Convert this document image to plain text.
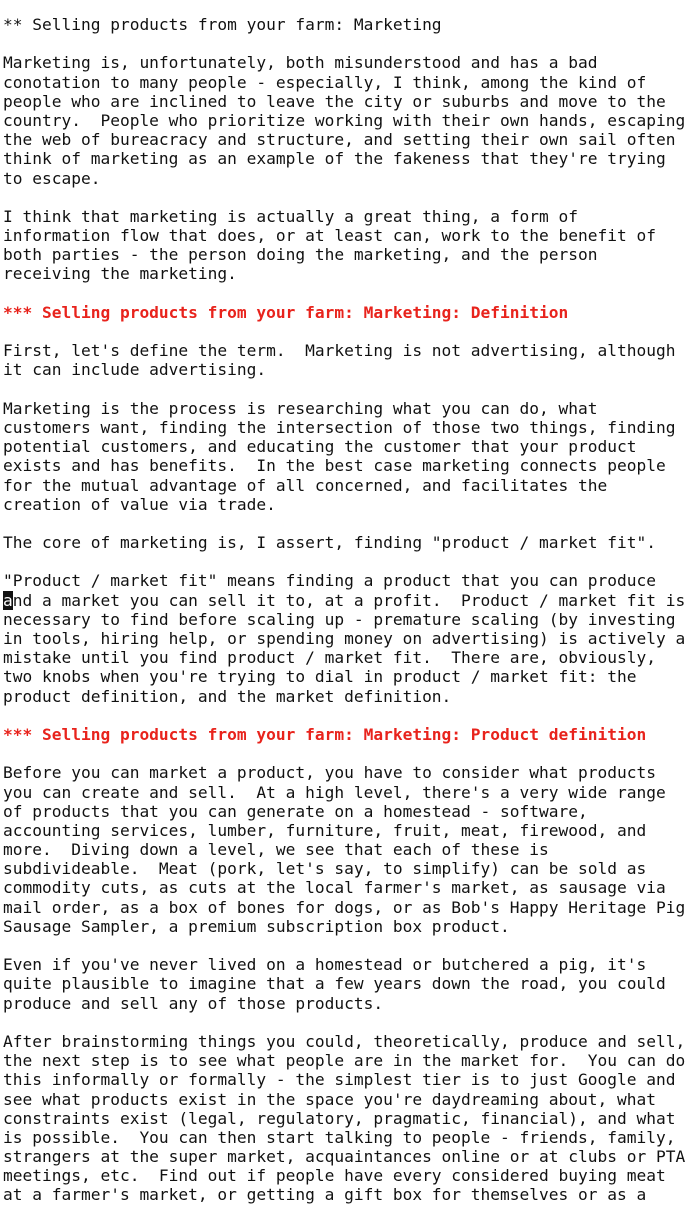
** Selling products from your farm: Marketing
Marketing is, unfortunately, both misunderstood and has a bad
conotation to many people - especially, I think, among the kind of
people who are inclined to leave the city or suburbs and move to the
country.  People who prioritize working with their own hands, escaping
the web of bureacracy and structure, and setting their own sail often
think of marketing as an example of the fakeness that they're trying
to escape.
I think that marketing is actually a great thing, a form of
information flow that does, or at least can, work to the benefit of
both parties - the person doing the marketing, and the person
receiving the marketing.
*** Selling products from your farm: Marketing: Definition
First, let's define the term.  Marketing is not advertising, although
it can include advertising.
Marketing is the process is researching what you can do, what
customers want, finding the intersection of those two things, finding
potential customers, and educating the customer that your product
exists and has benefits.  In the best case marketing connects people
for the mutual advantage of all concerned, and facilitates the
creation of value via trade.
The core of marketing is, I assert, finding "product / market fit".
"Product / market fit" means finding a product that you can produce
and a market you can sell it to, at a profit.  Product / market fit is
necessary to find before scaling up - premature scaling (by investing
in tools, hiring help, or spending money on advertising) is actively a
mistake until you find product / market fit.  There are, obviously,
two knobs when you're trying to dial in product / market fit: the
product definition, and the market definition.
*** Selling products from your farm: Marketing: Product definition
Before you can market a product, you have to consider what products
you can create and sell.  At a high level, there's a very wide range
of products that you can generate on a homestead - software,
accounting services, lumber, furniture, fruit, meat, firewood, and
more.  Diving down a level, we see that each of these is
subdivideable.  Meat (pork, let's say, to simplify) can be sold as
commodity cuts, as cuts at the local farmer's market, as sausage via
mail order, as a box of bones for dogs, or as Bob's Happy Heritage Pig
Sausage Sampler, a premium subscription box product.
Even if you've never lived on a homestead or butchered a pig, it's
quite plausible to imagine that a few years down the road, you could
produce and sell any of those products.
After brainstorming things you could, theoretically, produce and sell,
the next step is to see what people are in the market for.  You can do
this informally or formally - the simplest tier is to just Google and
see what products exist in the space you're daydreaming about, what
constraints exist (legal, regulatory, pragmatic, financial), and what
is possible.  You can then start talking to people - friends, family,
strangers at the super market, acquaintances online or at clubs or PTA
meetings, etc.  Find out if people have every considered buying meat
at a farmer's market, or getting a gift box for themselves or as a
